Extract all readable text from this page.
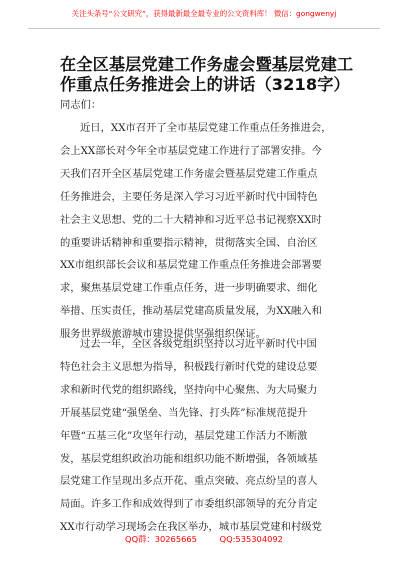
关注头条号“公文研究”，获得最新最全最专业的公文资料库！ 微信：gongwenyj
在全区基层党建工作务虚会暨基层党建工
作重点任务推进会上的讲话（3218字）
同志们：
近日，XX市召开了全市基层党建工作重点任务推进会，
会上XX部长对今年全市基层党建工作进行了部署安排。今
天我们召开全区基层党建工作务虚会暨基层党建工作重点
任务推进会，主要任务是深入学习习近平新时代中国特色
社会主义思想、党的二十大精神和习近平总书记视察XX时
的重要讲话精神和重要指示精神，贯彻落实全国、自治区
XX市组织部长会议和基层党建工作重点任务推进会部署要
求，聚焦基层党建工作重点任务，进一步明确要求、细化
举措、压实责任，推动基层党建高质量发展，为XX融入和
服务世界级旅游城市建设提供坚强组织保证。
过去一年，全区各级党组织坚持以习近平新时代中国
特色社会主义思想为指导，积极践行新时代党的建设总要
求和新时代党的组织路线，坚持向中心聚焦、为大局聚力
开展基层党建“强堡垒、当先锋、打头阵”标准规范提升
年暨“五基三化”攻坚年行动，基层党建工作活力不断激
发，基层党组织政治功能和组织功能不断增强，各领域基
层党建工作呈现出多点开花、重点突破、亮点纷呈的喜人
局面。许多工作和成效得到了市委组织部领导的充分肯定
XX市行动学习现场会在我区举办，城市基层党建和村级党
QQ群：30265665	QQ:535304092
